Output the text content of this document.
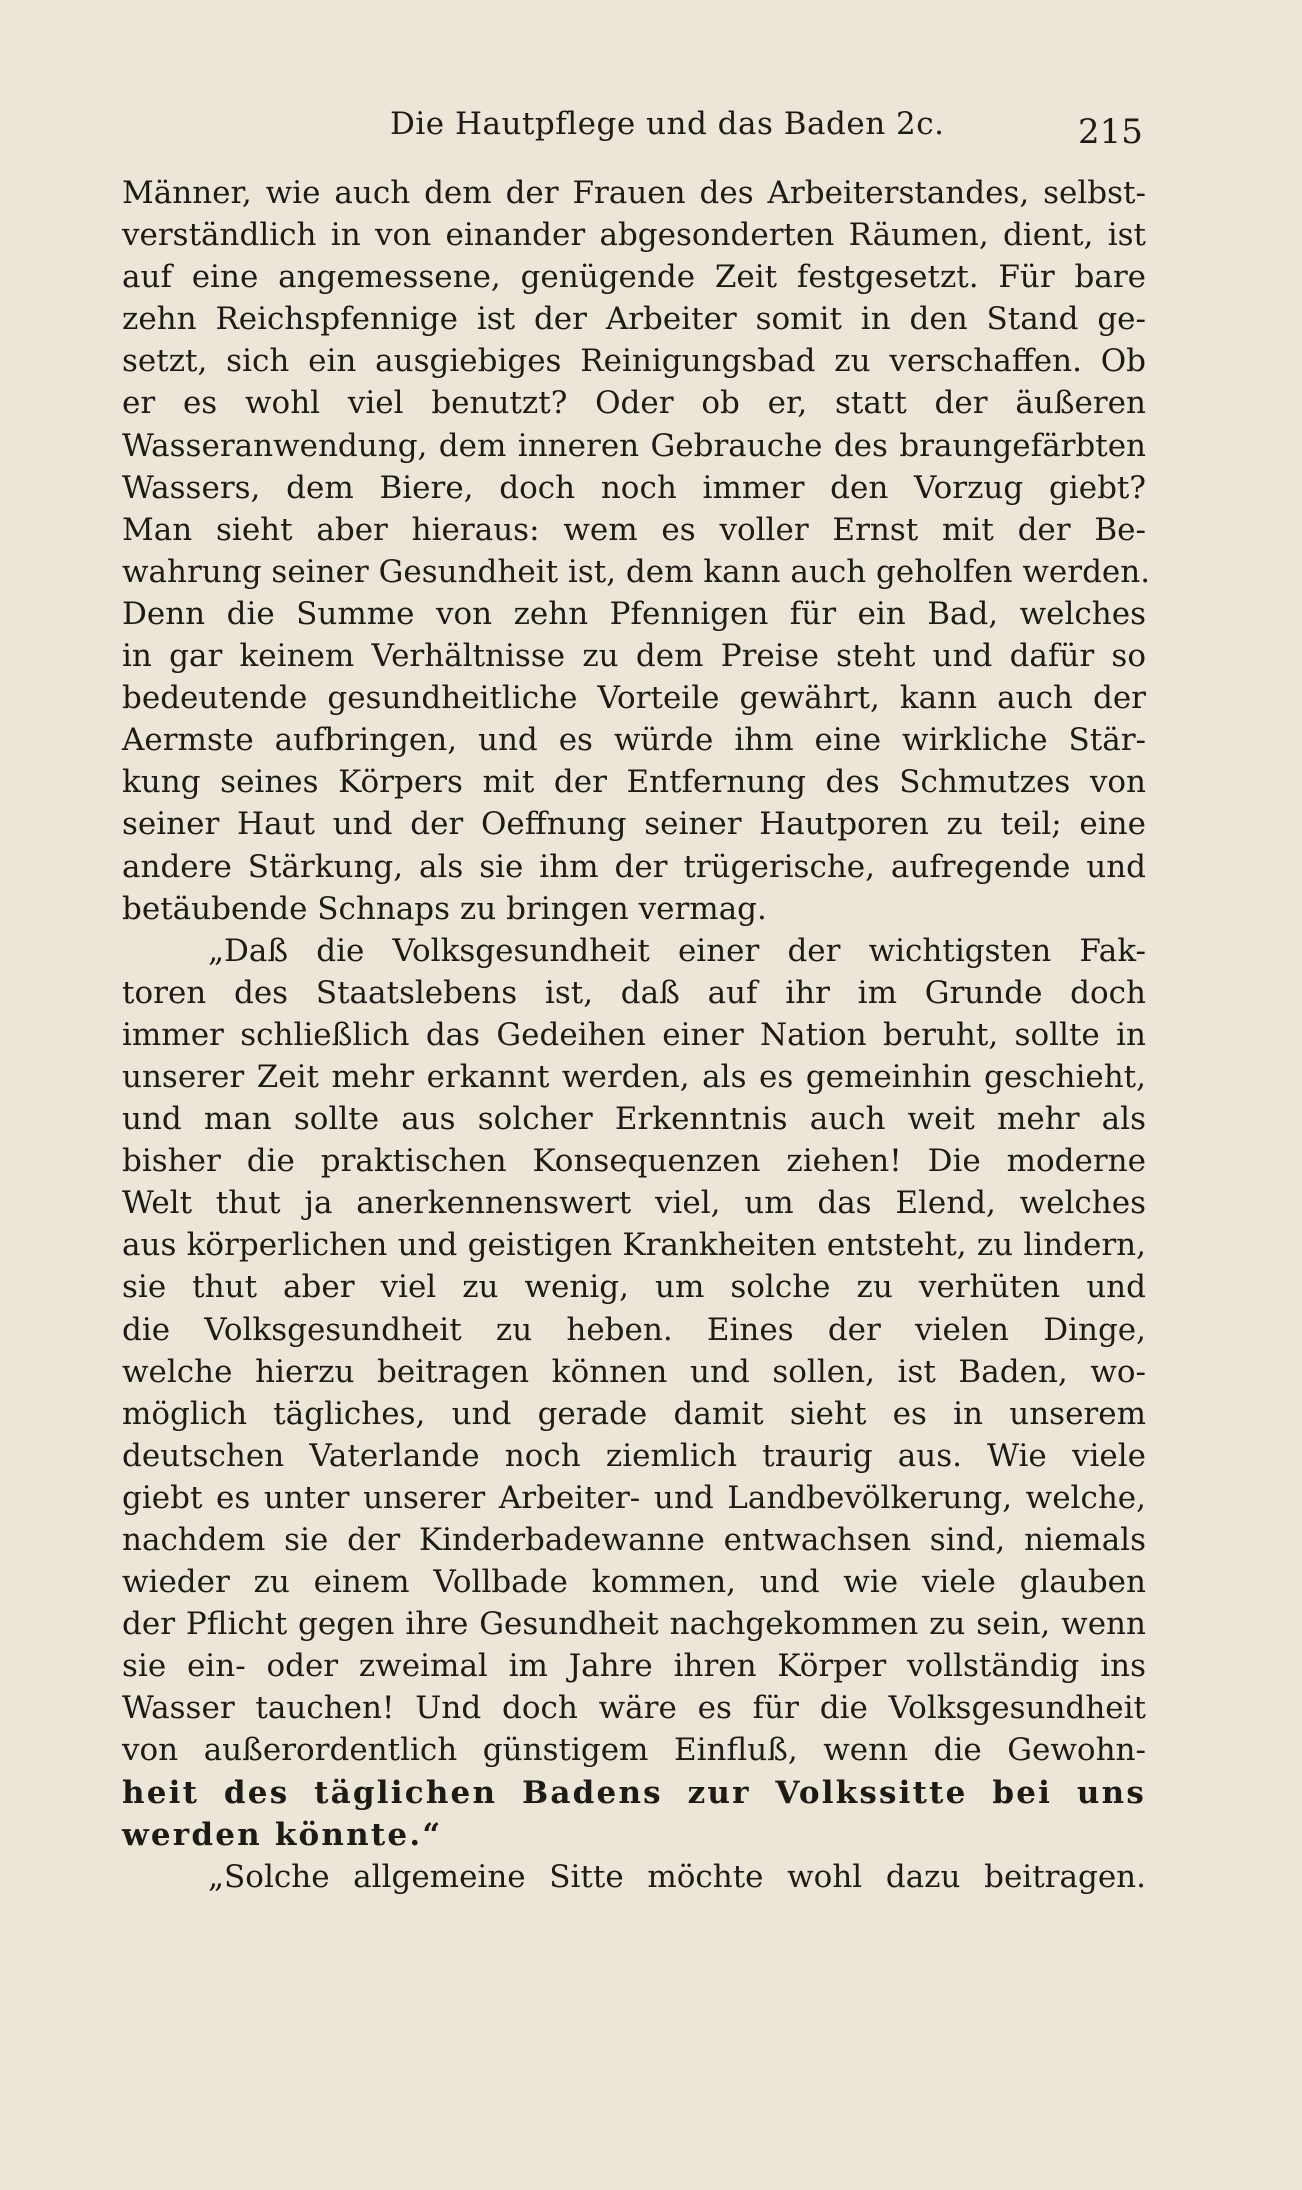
Die Hautpflege und das Baden 2c.	215
Männer, wie auch dem der Frauen des Arbeiterstandes, selbst-
verständlich in von einander abgesonderten Räumen, dient, ist
auf eine angemessene, genügende Zeit festgesetzt. Für bare
zehn Reichspfennige ist der Arbeiter somit in den Stand ge-
setzt, sich ein ausgiebiges Reinigungsbad zu verschaffen. Ob
er es wohl viel benutzt? Oder ob er, statt der äußeren
Wasseranwendung, dem inneren Gebrauche des braungefärbten
Wassers, dem Biere, doch noch immer den Vorzug giebt?
Man sieht aber hieraus: wem es voller Ernst mit der Be-
wahrung seiner Gesundheit ist, dem kann auch geholfen werden.
Denn die Summe von zehn Pfennigen für ein Bad, welches
in gar keinem Verhältnisse zu dem Preise steht und dafür so
bedeutende gesundheitliche Vorteile gewährt, kann auch der
Aermste aufbringen, und es würde ihm eine wirkliche Stär-
kung seines Körpers mit der Entfernung des Schmutzes von
seiner Haut und der Oeffnung seiner Hautporen zu teil; eine
andere Stärkung, als sie ihm der trügerische, aufregende und
betäubende Schnaps zu bringen vermag.
„Daß die Volksgesundheit einer der wichtigsten Fak-
toren des Staatslebens ist, daß auf ihr im Grunde doch
immer schließlich das Gedeihen einer Nation beruht, sollte in
unserer Zeit mehr erkannt werden, als es gemeinhin geschieht,
und man sollte aus solcher Erkenntnis auch weit mehr als
bisher die praktischen Konsequenzen ziehen! Die moderne
Welt thut ja anerkennenswert viel, um das Elend, welches
aus körperlichen und geistigen Krankheiten entsteht, zu lindern,
sie thut aber viel zu wenig, um solche zu verhüten und
die Volksgesundheit zu heben. Eines der vielen Dinge,
welche hierzu beitragen können und sollen, ist Baden, wo-
möglich tägliches, und gerade damit sieht es in unserem
deutschen Vaterlande noch ziemlich traurig aus. Wie viele
giebt es unter unserer Arbeiter- und Landbevölkerung, welche,
nachdem sie der Kinderbadewanne entwachsen sind, niemals
wieder zu einem Vollbade kommen, und wie viele glauben
der Pflicht gegen ihre Gesundheit nachgekommen zu sein, wenn
sie ein- oder zweimal im Jahre ihren Körper vollständig ins
Wasser tauchen! Und doch wäre es für die Volksgesundheit
von außerordentlich günstigem Einfluß, wenn die Gewohn-
heit des täglichen Badens zur Volkssitte bei uns
werden könnte.“
„Solche allgemeine Sitte möchte wohl dazu beitragen.
